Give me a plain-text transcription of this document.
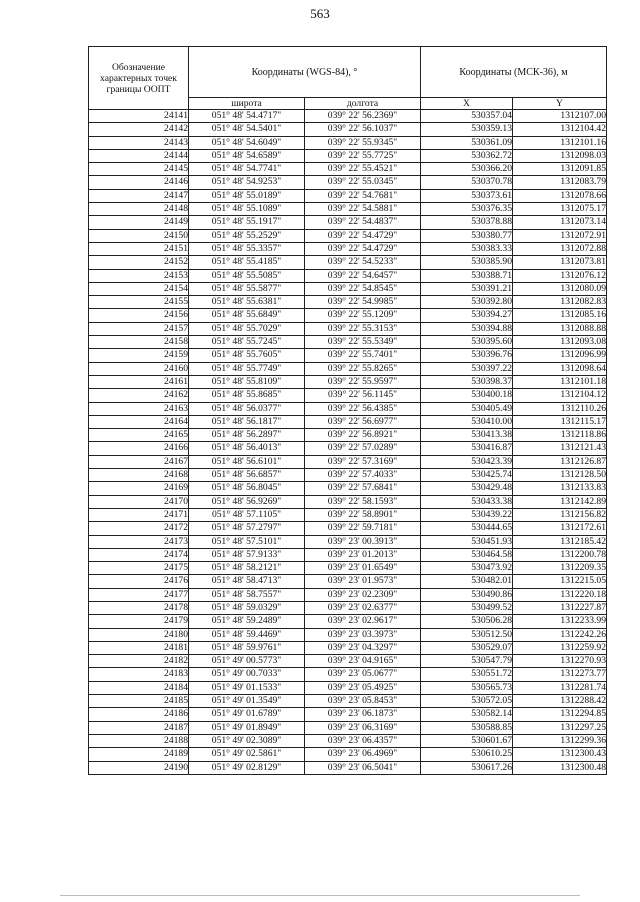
563
Обозначение характерных точек границы ООПТ	Координаты (WGS-84), °		Координаты (МСК-36), м	
	широта	долгота	X	Y
24141	051° 48' 54.4717"	039° 22' 56.2369"	530357.04	1312107.00
24142	051° 48' 54.5401"	039° 22' 56.1037"	530359.13	1312104.42
24143	051° 48' 54.6049"	039° 22' 55.9345"	530361.09	1312101.16
24144	051° 48' 54.6589"	039° 22' 55.7725"	530362.72	1312098.03
24145	051° 48' 54.7741"	039° 22' 55.4521"	530366.20	1312091.85
24146	051° 48' 54.9253"	039° 22' 55.0345"	530370.78	1312083.79
24147	051° 48' 55.0189"	039° 22' 54.7681"	530373.61	1312078.66
24148	051° 48' 55.1089"	039° 22' 54.5881"	530376.35	1312075.17
24149	051° 48' 55.1917"	039° 22' 54.4837"	530378.88	1312073.14
24150	051° 48' 55.2529"	039° 22' 54.4729"	530380.77	1312072.91
24151	051° 48' 55.3357"	039° 22' 54.4729"	530383.33	1312072.88
24152	051° 48' 55.4185"	039° 22' 54.5233"	530385.90	1312073.81
24153	051° 48' 55.5085"	039° 22' 54.6457"	530388.71	1312076.12
24154	051° 48' 55.5877"	039° 22' 54.8545"	530391.21	1312080.09
24155	051° 48' 55.6381"	039° 22' 54.9985"	530392.80	1312082.83
24156	051° 48' 55.6849"	039° 22' 55.1209"	530394.27	1312085.16
24157	051° 48' 55.7029"	039° 22' 55.3153"	530394.88	1312088.88
24158	051° 48' 55.7245"	039° 22' 55.5349"	530395.60	1312093.08
24159	051° 48' 55.7605"	039° 22' 55.7401"	530396.76	1312096.99
24160	051° 48' 55.7749"	039° 22' 55.8265"	530397.22	1312098.64
24161	051° 48' 55.8109"	039° 22' 55.9597"	530398.37	1312101.18
24162	051° 48' 55.8685"	039° 22' 56.1145"	530400.18	1312104.12
24163	051° 48' 56.0377"	039° 22' 56.4385"	530405.49	1312110.26
24164	051° 48' 56.1817"	039° 22' 56.6977"	530410.00	1312115.17
24165	051° 48' 56.2897"	039° 22' 56.8921"	530413.38	1312118.86
24166	051° 48' 56.4013"	039° 22' 57.0289"	530416.87	1312121.43
24167	051° 48' 56.6101"	039° 22' 57.3169"	530423.39	1312126.87
24168	051° 48' 56.6857"	039° 22' 57.4033"	530425.74	1312128.50
24169	051° 48' 56.8045"	039° 22' 57.6841"	530429.48	1312133.83
24170	051° 48' 56.9269"	039° 22' 58.1593"	530433.38	1312142.89
24171	051° 48' 57.1105"	039° 22' 58.8901"	530439.22	1312156.82
24172	051° 48' 57.2797"	039° 22' 59.7181"	530444.65	1312172.61
24173	051° 48' 57.5101"	039° 23' 00.3913"	530451.93	1312185.42
24174	051° 48' 57.9133"	039° 23' 01.2013"	530464.58	1312200.78
24175	051° 48' 58.2121"	039° 23' 01.6549"	530473.92	1312209.35
24176	051° 48' 58.4713"	039° 23' 01.9573"	530482.01	1312215.05
24177	051° 48' 58.7557"	039° 23' 02.2309"	530490.86	1312220.18
24178	051° 48' 59.0329"	039° 23' 02.6377"	530499.52	1312227.87
24179	051° 48' 59.2489"	039° 23' 02.9617"	530506.28	1312233.99
24180	051° 48' 59.4469"	039° 23' 03.3973"	530512.50	1312242.26
24181	051° 48' 59.9761"	039° 23' 04.3297"	530529.07	1312259.92
24182	051° 49' 00.5773"	039° 23' 04.9165"	530547.79	1312270.93
24183	051° 49' 00.7033"	039° 23' 05.0677"	530551.72	1312273.77
24184	051° 49' 01.1533"	039° 23' 05.4925"	530565.73	1312281.74
24185	051° 49' 01.3549"	039° 23' 05.8453"	530572.05	1312288.42
24186	051° 49' 01.6789"	039° 23' 06.1873"	530582.14	1312294.85
24187	051° 49' 01.8949"	039° 23' 06.3169"	530588.85	1312297.25
24188	051° 49' 02.3089"	039° 23' 06.4357"	530601.67	1312299.36
24189	051° 49' 02.5861"	039° 23' 06.4969"	530610.25	1312300.43
24190	051° 49' 02.8129"	039° 23' 06.5041"	530617.26	1312300.48
